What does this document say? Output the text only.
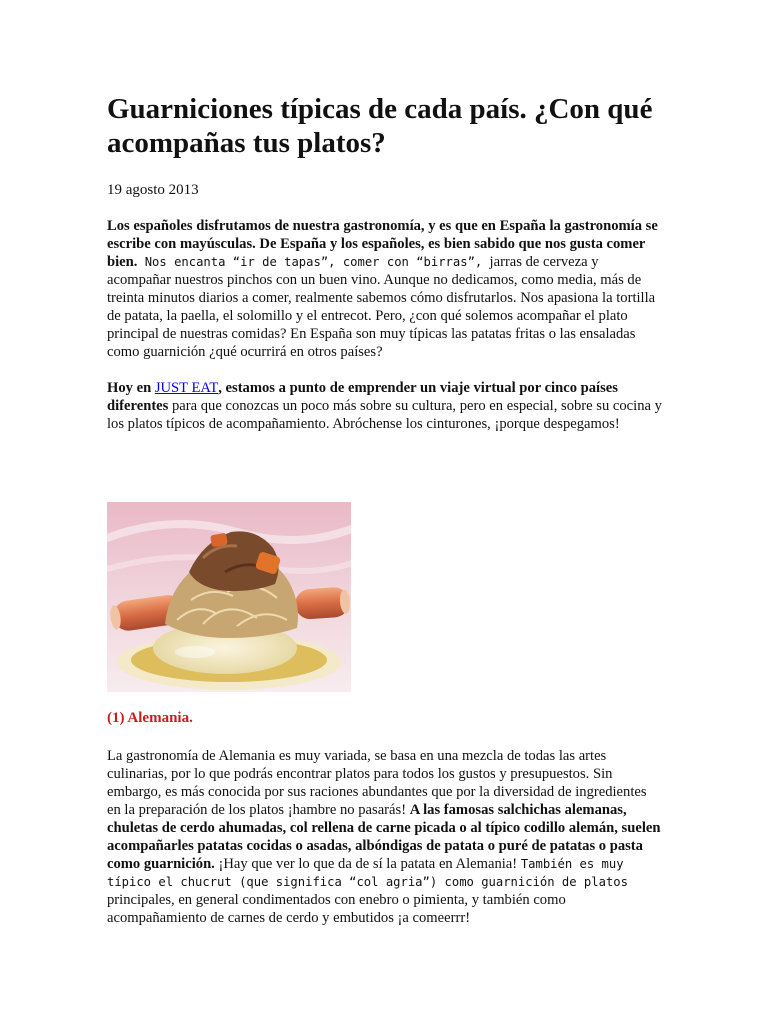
Guarniciones típicas de cada país. ¿Con qué acompañas tus platos?

19 agosto 2013

Los españoles disfrutamos de nuestra gastronomía, y es que en España la gastronomía se escribe con mayúsculas. De España y los españoles, es bien sabido que nos gusta comer bien. Nos encanta “ir de tapas”, comer con “birras”, jarras de cerveza y acompañar nuestros pinchos con un buen vino. Aunque no dedicamos, como media, más de treinta minutos diarios a comer, realmente sabemos cómo disfrutarlos. Nos apasiona la tortilla de patata, la paella, el solomillo y el entrecot. Pero, ¿con qué solemos acompañar el plato principal de nuestras comidas? En España son muy típicas las patatas fritas o las ensaladas como guarnición ¿qué ocurrirá en otros países?

Hoy en JUST EAT, estamos a punto de emprender un viaje virtual por cinco países diferentes para que conozcas un poco más sobre su cultura, pero en especial, sobre su cocina y los platos típicos de acompañamiento. Abróchense los cinturones, ¡porque despegamos!

(1) Alemania.

La gastronomía de Alemania es muy variada, se basa en una mezcla de todas las artes culinarias, por lo que podrás encontrar platos para todos los gustos y presupuestos. Sin embargo, es más conocida por sus raciones abundantes que por la diversidad de ingredientes en la preparación de los platos ¡hambre no pasarás! A las famosas salchichas alemanas, chuletas de cerdo ahumadas, col rellena de carne picada o al típico codillo alemán, suelen acompañarles patatas cocidas o asadas, albóndigas de patata o puré de patatas o pasta como guarnición. ¡Hay que ver lo que da de sí la patata en Alemania! También es muy típico el chucrut (que significa “col agria”) como guarnición de platos principales, en general condimentados con enebro o pimienta, y también como acompañamiento de carnes de cerdo y embutidos ¡a comeerrr!
